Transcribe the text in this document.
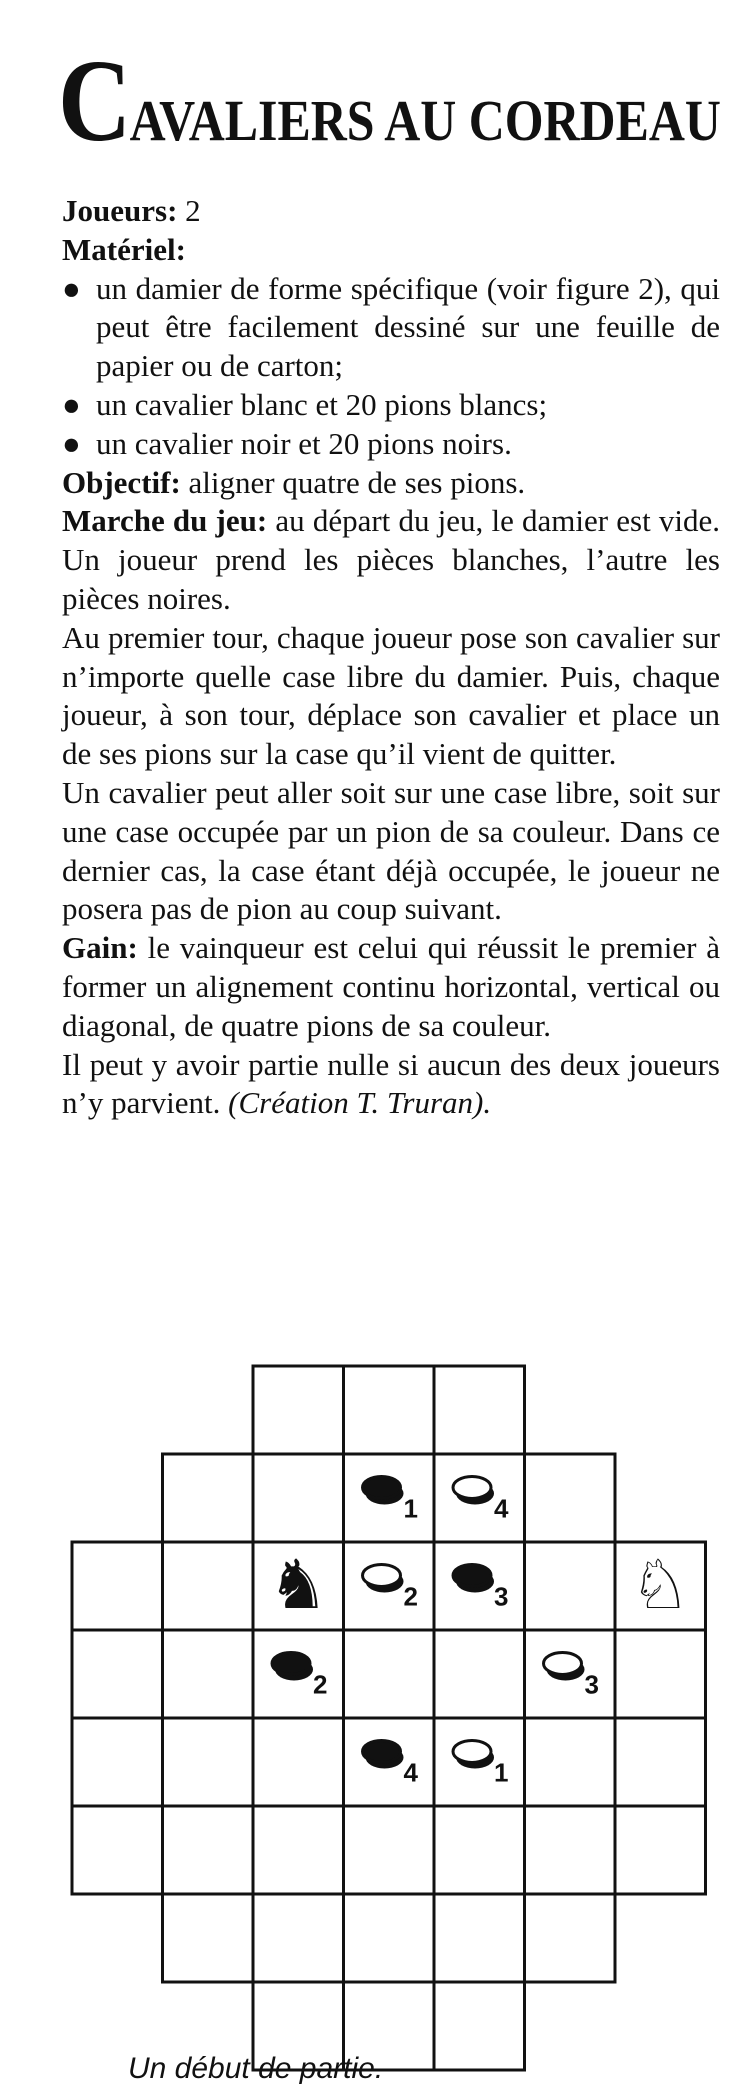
CAVALIERS AU CORDEAU

Joueurs: 2

Matériel:

● un damier de forme spécifique (voir figure 2), qui peut être facilement dessiné sur une feuille de papier ou de carton;
● un cavalier blanc et 20 pions blancs;
● un cavalier noir et 20 pions noirs.

Objectif: aligner quatre de ses pions.

Marche du jeu: au départ du jeu, le damier est vide. Un joueur prend les pièces blanches, l’autre les pièces noires.

Au premier tour, chaque joueur pose son cavalier sur n’importe quelle case libre du damier. Puis, chaque joueur, à son tour, déplace son cavalier et place un de ses pions sur la case qu’il vient de quitter.

Un cavalier peut aller soit sur une case libre, soit sur une case occupée par un pion de sa couleur. Dans ce dernier cas, la case étant déjà occupée, le joueur ne posera pas de pion au coup suivant.

Gain: le vainqueur est celui qui réussit le premier à former un alignement continu horizontal, vertical ou diagonal, de quatre pions de sa couleur.

Il peut y avoir partie nulle si aucun des deux joueurs n’y parvient. (Création T. Truran).

1	4
2	3
2	3
4	1
♞	♘

Un début de partie.
